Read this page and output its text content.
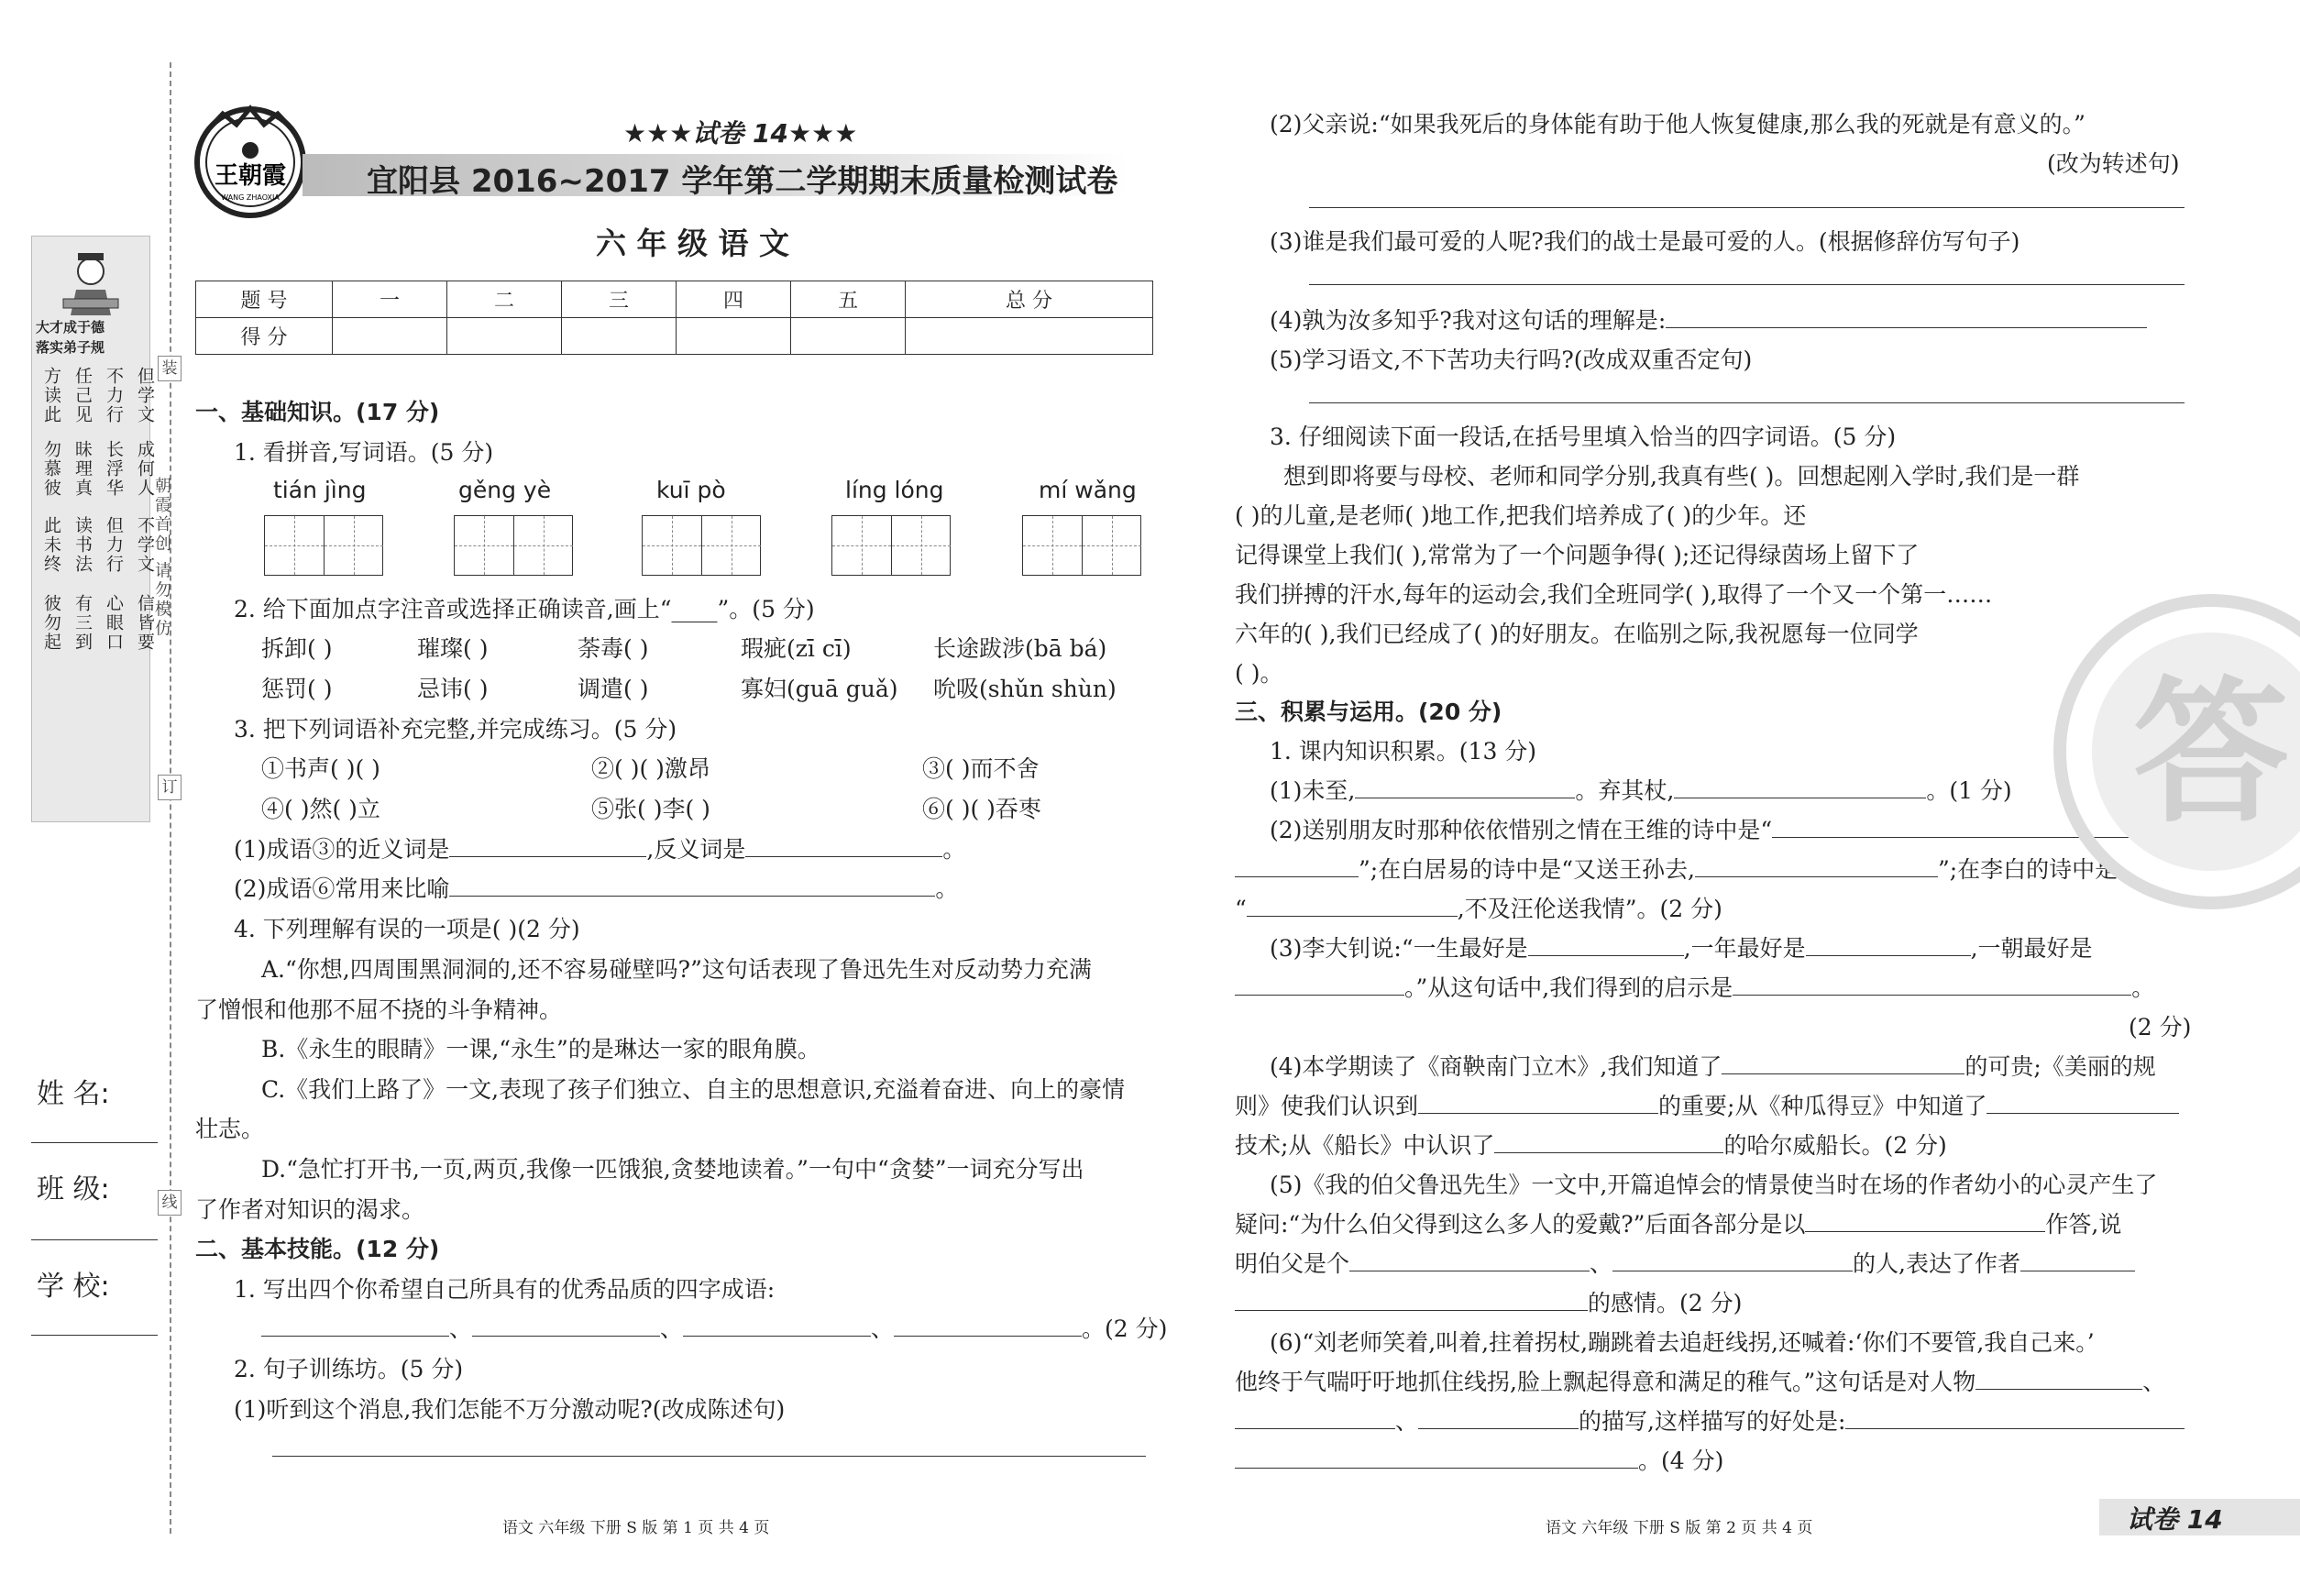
装
订
线
朝霞首创 请勿模仿
大才成于德
落实弟子规
不力行 但学文
长浮华 成何人
但力行 不学文
任己见
昧理真
读书法
有三到 心眼口 信皆要
方读此
勿慕彼
此未终
彼勿起
姓 名:
班 级:
学 校:
王朝霞
WANG ZHAOXIA
★★★试卷 14★★★
宜阳县 2016~2017 学年第二学期期末质量检测试卷
六 年 级 语 文
题 号	一	二	三	四	五	总 分
得 分						
一、基础知识。(17 分)
1. 看拼音,写词语。(5 分)
tián jìng	gěng yè	kuī pò	líng lóng	mí wǎng
2. 给下面加点字注音或选择正确读音,画上“____”。(5 分)
拆卸( )	璀璨( )	荼毒( )	瑕疵(zī cī)	长途跋涉(bā bá)
惩罚( )	忌讳( )	调遣( )	寡妇(guā guǎ) 吮吸(shǔn shùn)
3. 把下列词语补充完整,并完成练习。(5 分)
①书声( )( )	②( )( )激昂	③( )而不舍
④( )然( )立	⑤张( )李( )	⑥( )( )吞枣
(1)成语③的近义词是	,反义词是	。
(2)成语⑥常用来比喻	。
4. 下列理解有误的一项是( )(2 分)
A.“你想,四周围黑洞洞的,还不容易碰壁吗?”这句话表现了鲁迅先生对反动势力充满
了憎恨和他那不屈不挠的斗争精神。
B.《永生的眼睛》一课,“永生”的是琳达一家的眼角膜。
C.《我们上路了》一文,表现了孩子们独立、自主的思想意识,充溢着奋进、向上的豪情
壮志。
D.“急忙打开书,一页,两页,我像一匹饿狼,贪婪地读着。”一句中“贪婪”一词充分写出
了作者对知识的渴求。
二、基本技能。(12 分)
1. 写出四个你希望自己所具有的优秀品质的四字成语:
、	、	、	。(2 分)
2. 句子训练坊。(5 分)
(1)听到这个消息,我们怎能不万分激动呢?(改成陈述句)
语文 六年级 下册 S 版 第 1 页 共 4 页
(2)父亲说:“如果我死后的身体能有助于他人恢复健康,那么我的死就是有意义的。”
(改为转述句)
(3)谁是我们最可爱的人呢?我们的战士是最可爱的人。(根据修辞仿写句子)
(4)孰为汝多知乎?我对这句话的理解是:
(5)学习语文,不下苦功夫行吗?(改成双重否定句)
3. 仔细阅读下面一段话,在括号里填入恰当的四字词语。(5 分)
想到即将要与母校、老师和同学分别,我真有些( )。回想起刚入学时,我们是一群
( )的儿童,是老师( )地工作,把我们培养成了( )的少年。还
记得课堂上我们( ),常常为了一个问题争得( );还记得绿茵场上留下了
我们拼搏的汗水,每年的运动会,我们全班同学( ),取得了一个又一个第一……
六年的( ),我们已经成了( )的好朋友。在临别之际,我祝愿每一位同学
( )。
三、积累与运用。(20 分)
1. 课内知识积累。(13 分)
(1)未至,	。弃其杖,	。(1 分)
(2)送别朋友时那种依依惜别之情在王维的诗中是“
”;在白居易的诗中是“又送王孙去,	”;在李白的诗中是
“	,不及汪伦送我情”。(2 分)
(3)李大钊说:“一生最好是	,一年最好是	,一朝最好是
。”从这句话中,我们得到的启示是	。
(2 分)
(4)本学期读了《商鞅南门立木》,我们知道了	的可贵;《美丽的规
则》使我们认识到	的重要;从《种瓜得豆》中知道了
技术;从《船长》中认识了	的哈尔威船长。(2 分)
(5)《我的伯父鲁迅先生》一文中,开篇追悼会的情景使当时在场的作者幼小的心灵产生了
疑问:“为什么伯父得到这么多人的爱戴?”后面各部分是以	作答,说
明伯父是个	、	的人,表达了作者
的感情。(2 分)
(6)“刘老师笑着,叫着,拄着拐杖,蹦跳着去追赶线拐,还喊着:‘你们不要管,我自己来。’
他终于气喘吁吁地抓住线拐,脸上飘起得意和满足的稚气。”这句话是对人物	、
、	的描写,这样描写的好处是:
。(4 分)
语文 六年级 下册 S 版 第 2 页 共 4 页	试卷 14
答
